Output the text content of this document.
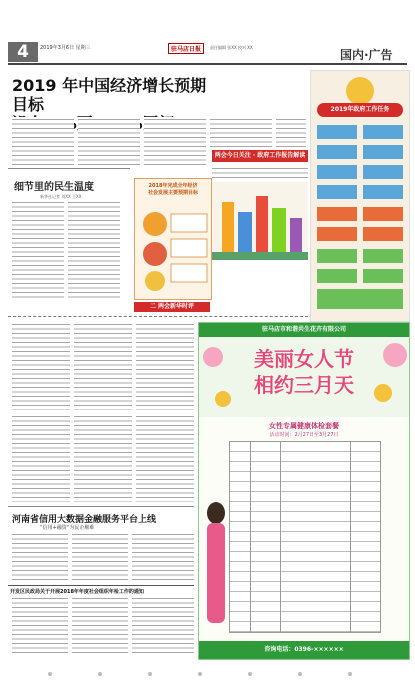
4	2019年3月6日 星期三	驻马店日报	责任编辑 张XX 校对 XX
国内·广告
2019 年中国经济增长预期目标	2019年政府工作任务
两会今日关注 · 政府工作报告解读
细节里的民生温度
新华社记者 刘XX 王XX
2018年完成全年经济
社会发展主要预期目标
二 两会新华时评
河南省信用大数据金融服务平台上线
“信用+融资”为民企解难
开发区民政局关于开展2018年年度社会组织年检工作的通知
驻马店市和谐共生花卉有限公司
美丽女人节
相约三月天
女性专属健康体检套餐
活动时间：2月27日至3月27日
咨询电话：0396-××××××
